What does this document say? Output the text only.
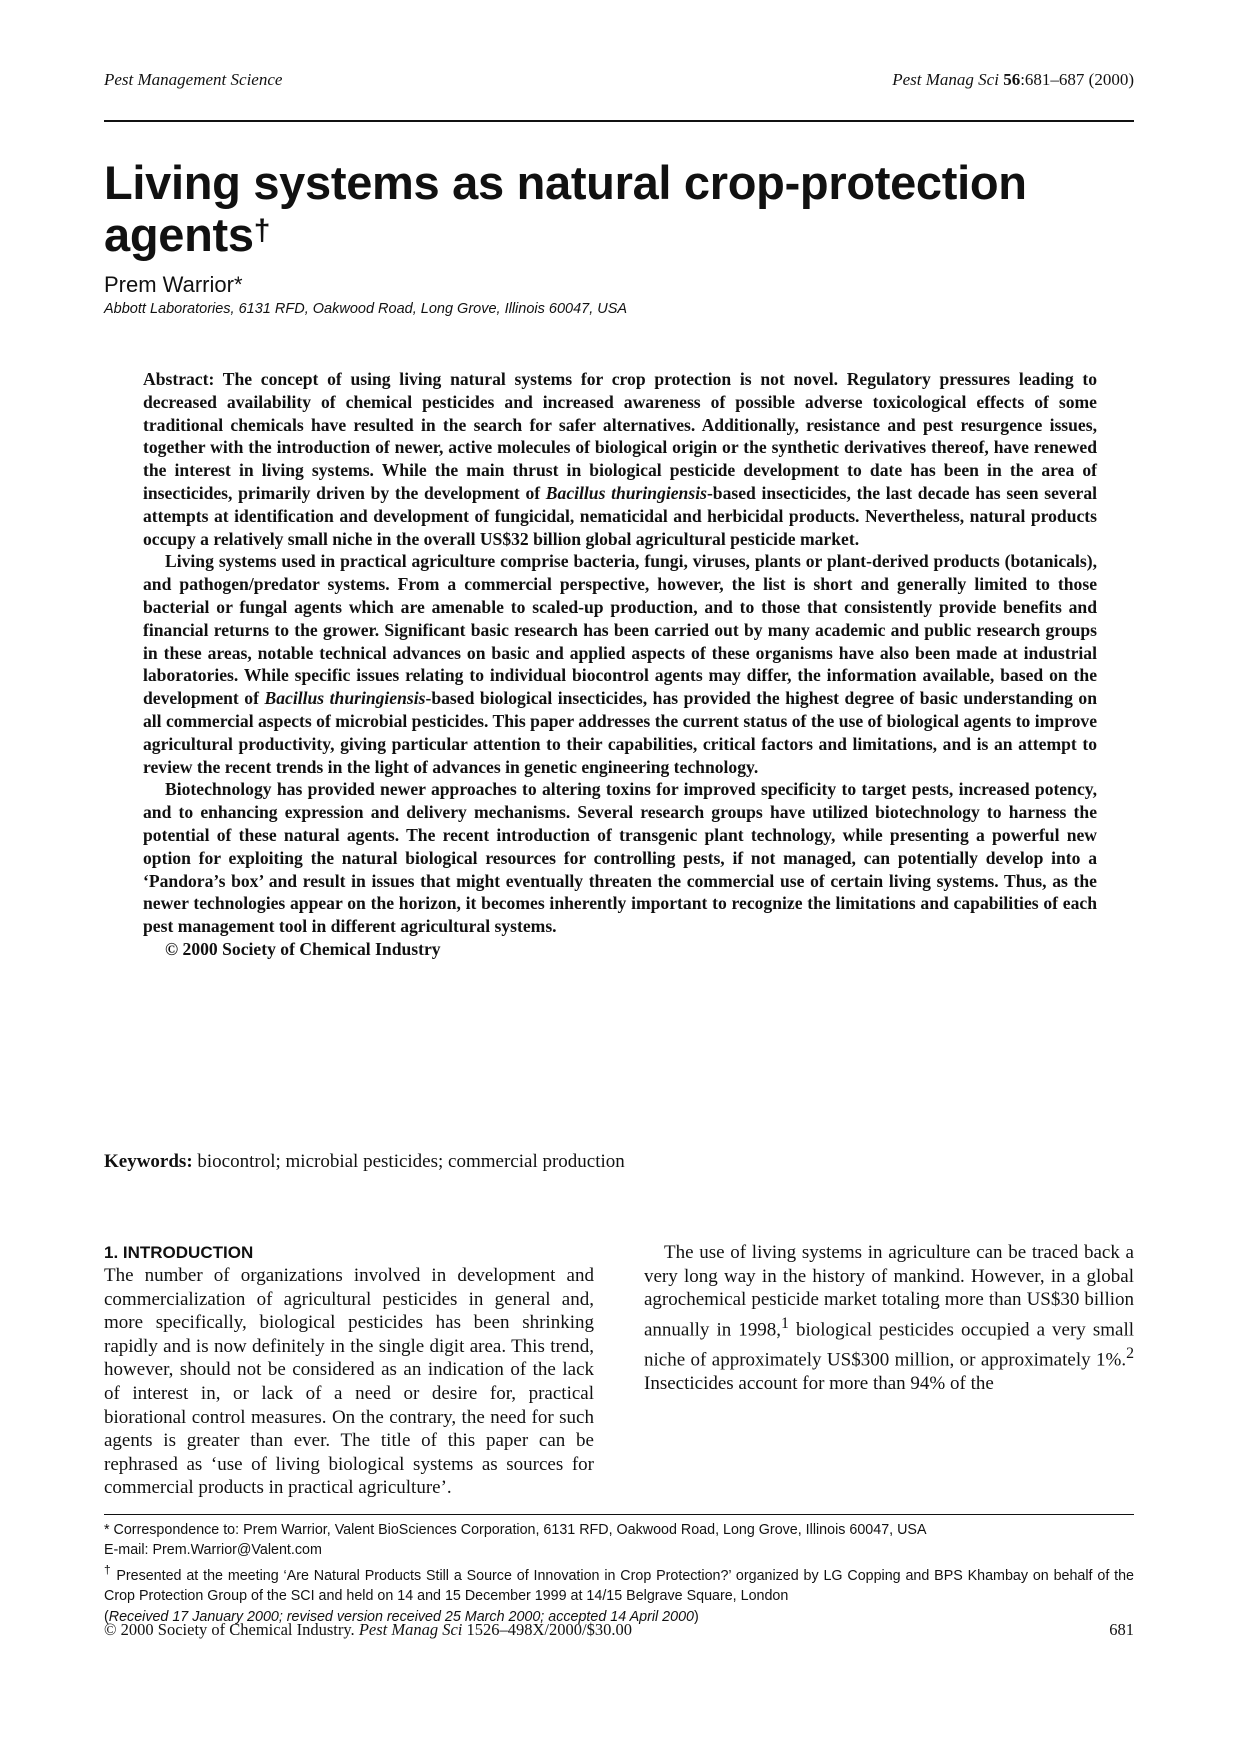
Pest Management Science	Pest Manag Sci 56:681–687 (2000)
Living systems as natural crop-protection agents†
Prem Warrior*
Abbott Laboratories, 6131 RFD, Oakwood Road, Long Grove, Illinois 60047, USA

Abstract: The concept of using living natural systems for crop protection is not novel. Regulatory pressures leading to decreased availability of chemical pesticides and increased awareness of possible adverse toxicological effects of some traditional chemicals have resulted in the search for safer alternatives. Additionally, resistance and pest resurgence issues, together with the introduction of newer, active molecules of biological origin or the synthetic derivatives thereof, have renewed the interest in living systems. While the main thrust in biological pesticide development to date has been in the area of insecticides, primarily driven by the development of Bacillus thuringiensis-based insecticides, the last decade has seen several attempts at identification and development of fungicidal, nematicidal and herbicidal products. Nevertheless, natural products occupy a relatively small niche in the overall US$32 billion global agricultural pesticide market.

Living systems used in practical agriculture comprise bacteria, fungi, viruses, plants or plant-derived products (botanicals), and pathogen/predator systems. From a commercial perspective, however, the list is short and generally limited to those bacterial or fungal agents which are amenable to scaled-up production, and to those that consistently provide benefits and financial returns to the grower. Significant basic research has been carried out by many academic and public research groups in these areas, notable technical advances on basic and applied aspects of these organisms have also been made at industrial laboratories. While specific issues relating to individual biocontrol agents may differ, the information available, based on the development of Bacillus thuringiensis-based biological insecticides, has provided the highest degree of basic understanding on all commercial aspects of microbial pesticides. This paper addresses the current status of the use of biological agents to improve agricultural productivity, giving particular attention to their capabilities, critical factors and limitations, and is an attempt to review the recent trends in the light of advances in genetic engineering technology.

Biotechnology has provided newer approaches to altering toxins for improved specificity to target pests, increased potency, and to enhancing expression and delivery mechanisms. Several research groups have utilized biotechnology to harness the potential of these natural agents. The recent introduction of transgenic plant technology, while presenting a powerful new option for exploiting the natural biological resources for controlling pests, if not managed, can potentially develop into a ‘Pandora’s box’ and result in issues that might eventually threaten the commercial use of certain living systems. Thus, as the newer technologies appear on the horizon, it becomes inherently important to recognize the limitations and capabilities of each pest management tool in different agricultural systems.

© 2000 Society of Chemical Industry

Keywords: biocontrol; microbial pesticides; commercial production
1. INTRODUCTION

The number of organizations involved in development and commercialization of agricultural pesticides in general and, more specifically, biological pesticides has been shrinking rapidly and is now definitely in the single digit area. This trend, however, should not be considered as an indication of the lack of interest in, or lack of a need or desire for, practical biorational control measures. On the contrary, the need for such agents is greater than ever. The title of this paper can be rephrased as ‘use of living biological systems as sources for commercial products in practical agriculture’.

The use of living systems in agriculture can be traced back a very long way in the history of mankind. However, in a global agrochemical pesticide market totaling more than US$30 billion annually in 1998,$^1$ biological pesticides occupied a very small niche of approximately US$300 million, or approximately 1%.$^2$ Insecticides account for more than 94% of the

* Correspondence to: Prem Warrior, Valent BioSciences Corporation, 6131 RFD, Oakwood Road, Long Grove, Illinois 60047, USA

E-mail: Prem.Warrior@Valent.com

† Presented at the meeting ‘Are Natural Products Still a Source of Innovation in Crop Protection?’ organized by LG Copping and BPS Khambay on behalf of the Crop Protection Group of the SCI and held on 14 and 15 December 1999 at 14/15 Belgrave Square, London

(Received 17 January 2000; revised version received 25 March 2000; accepted 14 April 2000)

© 2000 Society of Chemical Industry. Pest Manag Sci 1526–498X/2000/$30.00	681
